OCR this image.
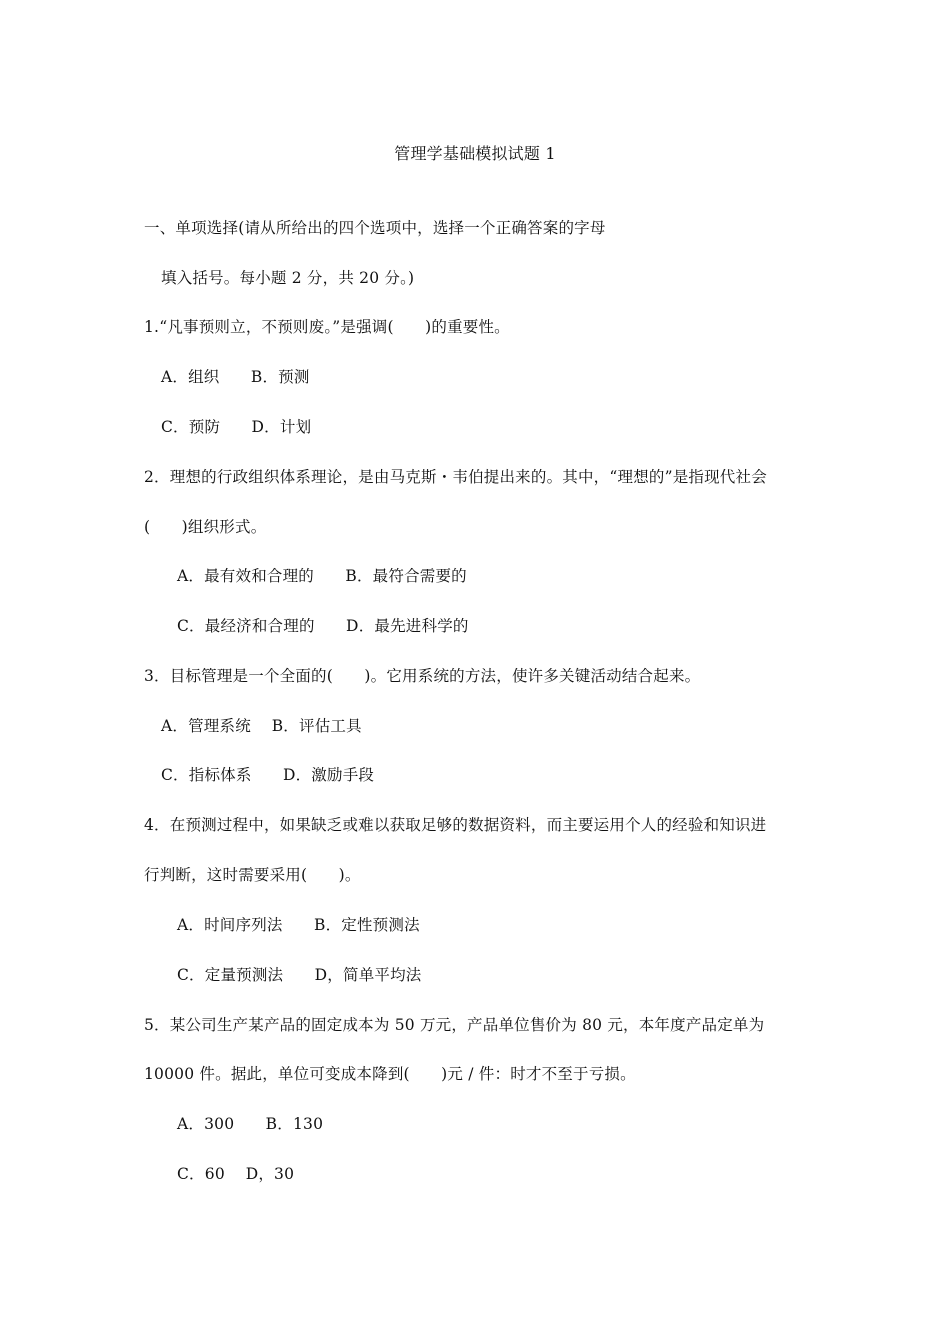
管理学基础模拟试题 1
一、单项选择(请从所给出的四个选项中，选择一个正确答案的字母
填入括号。每小题 2 分，共 20 分。)
1.“凡事预则立，不预则废。”是强调(　　)的重要性。
A．组织　　B．预测
C．预防　　D．计划
2．理想的行政组织体系理论，是由马克斯・韦伯提出来的。其中，“理想的”是指现代社会
(　　)组织形式。
A．最有效和合理的　　B．最符合需要的
C．最经济和合理的　　D．最先进科学的
3．目标管理是一个全面的(　　)。它用系统的方法，使许多关键活动结合起来。
A．管理系统　 B．评估工具
C．指标体系　　D．激励手段
4．在预测过程中，如果缺乏或难以获取足够的数据资料，而主要运用个人的经验和知识进
行判断，这时需要采用(　　)。
A．时间序列法　　B．定性预测法
C．定量预测法　　D，简单平均法
5．某公司生产某产品的固定成本为 50 万元，产品单位售价为 80 元，本年度产品定单为
10000 件。据此，单位可变成本降到(　　)元 / 件：时才不至于亏损。
A．300　　B．130
C．60　 D，30
